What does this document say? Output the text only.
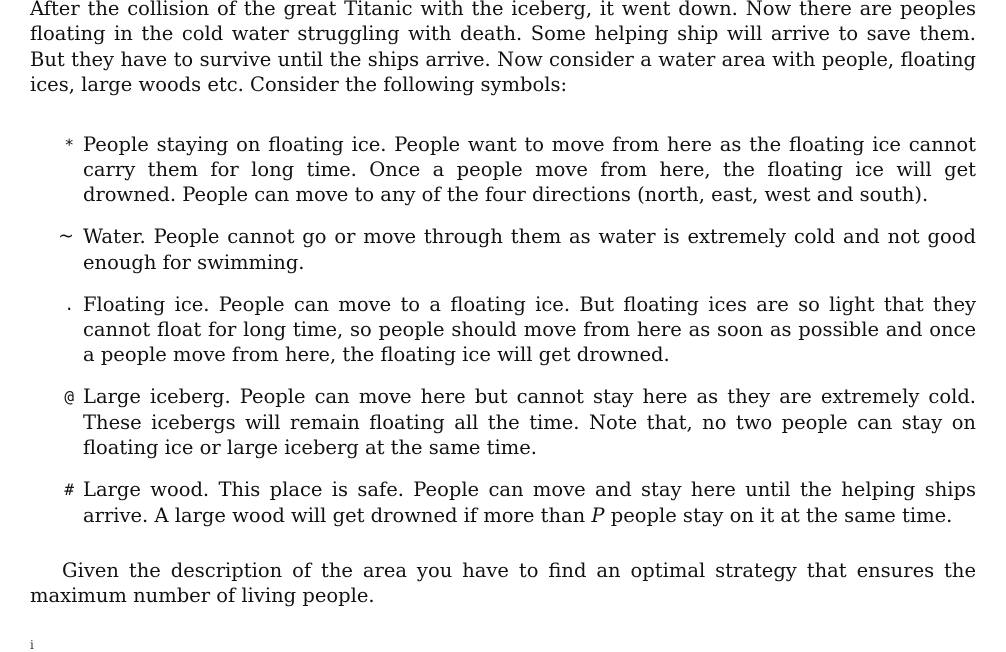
After the collision of the great Titanic with the iceberg, it went down. Now there are peoples floating in the cold water struggling with death. Some helping ship will arrive to save them. But they have to survive until the ships arrive. Now consider a water area with people, floating ices, large woods etc. Consider the following symbols:

* People staying on floating ice. People want to move from here as the floating ice cannot carry them for long time. Once a people move from here, the floating ice will get drowned. People can move to any of the four directions (north, east, west and south).
~ Water. People cannot go or move through them as water is extremely cold and not good enough for swimming.
. Floating ice. People can move to a floating ice. But floating ices are so light that they cannot float for long time, so people should move from here as soon as possible and once a people move from here, the floating ice will get drowned.
@ Large iceberg. People can move here but cannot stay here as they are extremely cold. These icebergs will remain floating all the time. Note that, no two people can stay on floating ice or large iceberg at the same time.
# Large wood. This place is safe. People can move and stay here until the helping ships arrive. A large wood will get drowned if more than P people stay on it at the same time.

Given the description of the area you have to find an optimal strategy that ensures the maximum number of living people.

i
